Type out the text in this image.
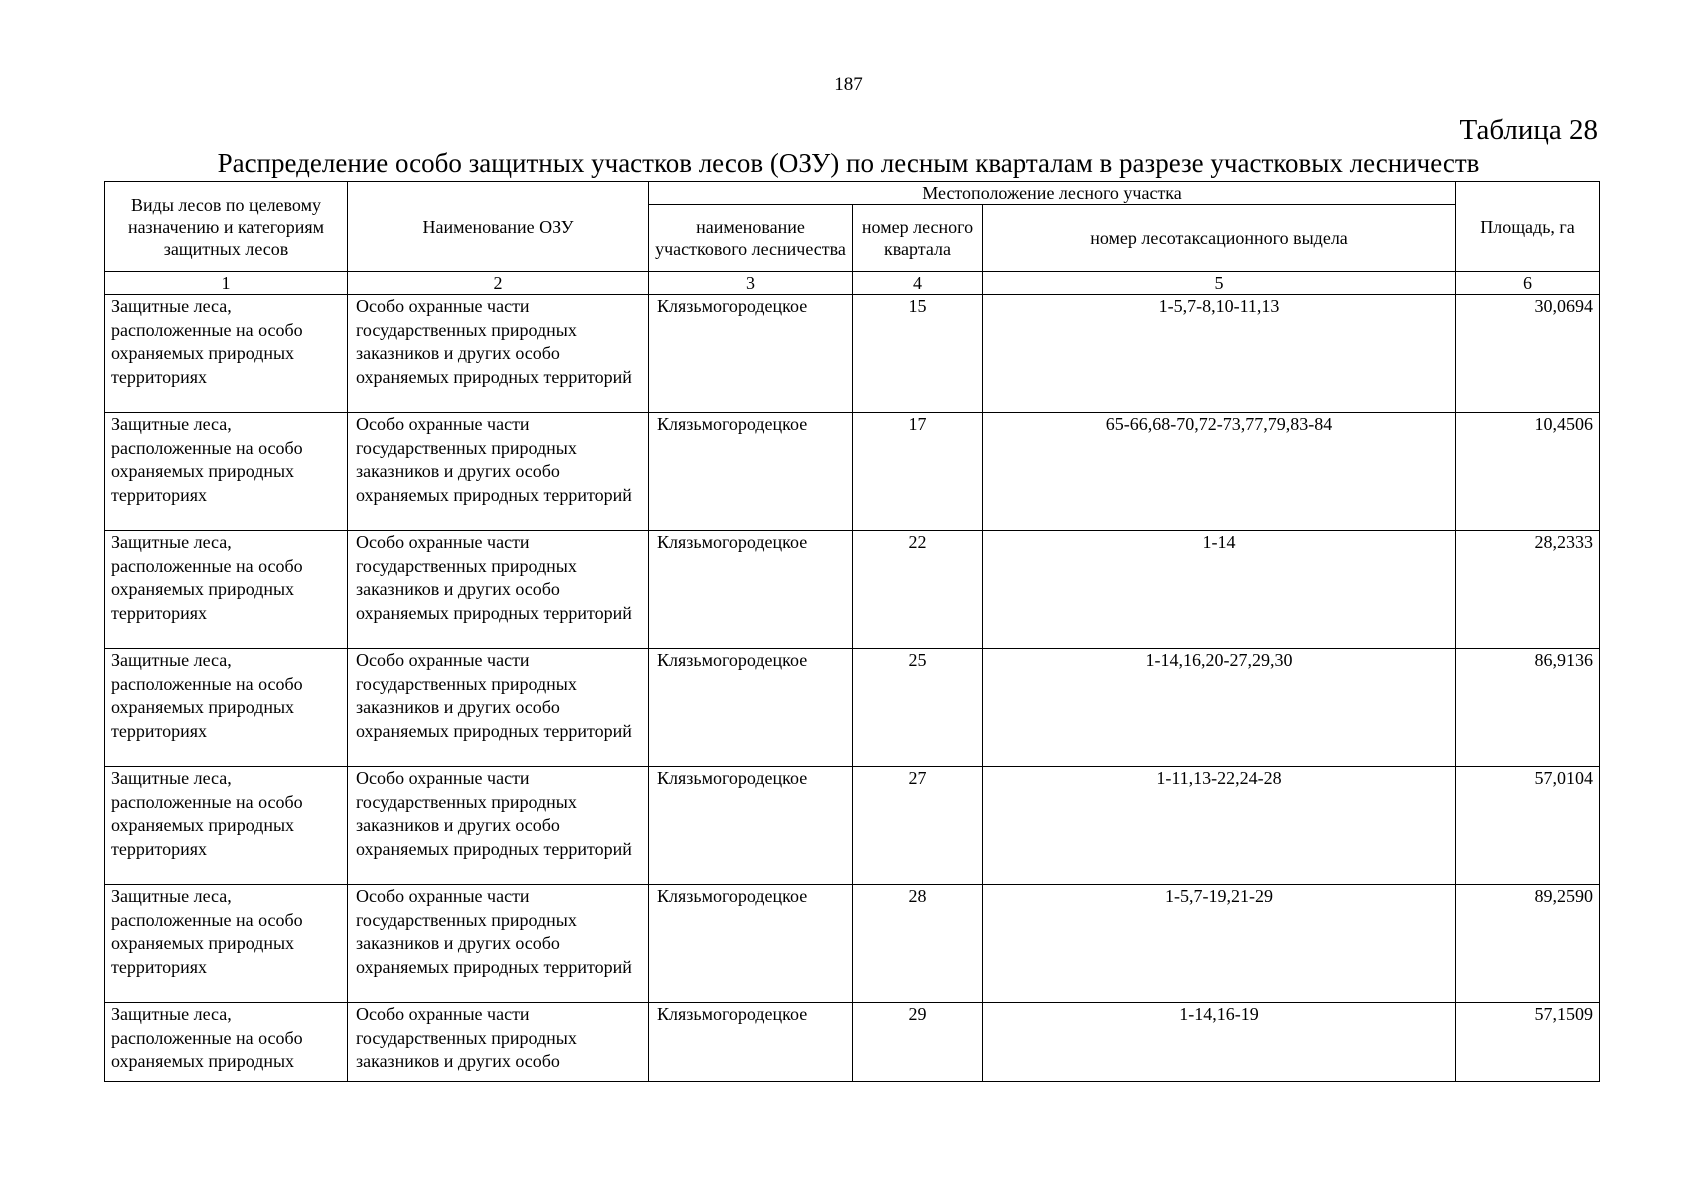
187
Таблица 28
Распределение особо защитных участков лесов (ОЗУ) по лесным кварталам в разрезе участковых лесничеств
Виды лесов по целевому назначению и категориям защитных лесов	Наименование ОЗУ	Местоположение лесного участка			Площадь, га
		наименование участкового лесничества	номер лесного квартала	номер лесотаксационного выдела	
1	2	3	4	5	6
Защитные леса, расположенные на особо охраняемых природных территориях	Особо охранные части государственных природных заказников и других особо охраняемых природных территорий	Клязьмогородецкое	15	1-5,7-8,10-11,13	30,0694
Защитные леса, расположенные на особо охраняемых природных территориях	Особо охранные части государственных природных заказников и других особо охраняемых природных территорий	Клязьмогородецкое	17	65-66,68-70,72-73,77,79,83-84	10,4506
Защитные леса, расположенные на особо охраняемых природных территориях	Особо охранные части государственных природных заказников и других особо охраняемых природных территорий	Клязьмогородецкое	22	1-14	28,2333
Защитные леса, расположенные на особо охраняемых природных территориях	Особо охранные части государственных природных заказников и других особо охраняемых природных территорий	Клязьмогородецкое	25	1-14,16,20-27,29,30	86,9136
Защитные леса, расположенные на особо охраняемых природных территориях	Особо охранные части государственных природных заказников и других особо охраняемых природных территорий	Клязьмогородецкое	27	1-11,13-22,24-28	57,0104
Защитные леса, расположенные на особо охраняемых природных территориях	Особо охранные части государственных природных заказников и других особо охраняемых природных территорий	Клязьмогородецкое	28	1-5,7-19,21-29	89,2590

Защитные леса, расположенные на особо охраняемых природных	Особо охранные части государственных природных заказников и других особо	Клязьмогородецкое	29	1-14,16-19	57,1509
